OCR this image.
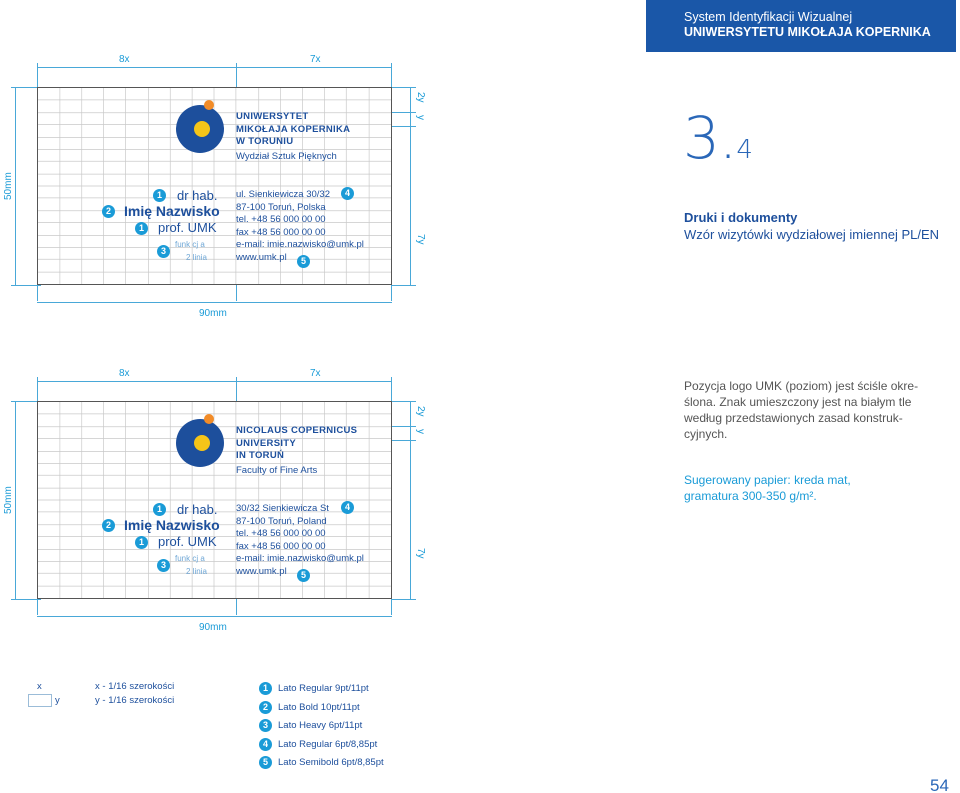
System Identyfikacji Wizualnej
UNIWERSYTETU MIKOŁAJA KOPERNIKA
3.4
Druki i dokumenty
Wzór wizytówki wydziałowej imiennej PL/EN
Pozycja logo UMK (poziom) jest ściśle okre-
ślona. Znak umieszczony jest na białym tle
według przedstawionych zasad konstruk-
cyjnych.
Sugerowany papier: kreda mat,
gramatura 300-350 g/m².
8x	7x
50mm
2y
y
7y
90mm
UNIWERSYTET
MIKOŁAJA KOPERNIKA
W TORUNIU
Wydział Sztuk Pięknych
dr hab.
Imię Nazwisko
prof. UMK
funk cj a
2 linia
ul. Sienkiewicza 30/32
87-100 Toruń, Polska
tel. +48 56 000 00 00
fax +48 56 000 00 00
e-mail: imie.nazwisko@umk.pl
www.umk.pl
1
2
1
3
4
5
8x	7x
50mm
2y
y
7y
90mm
NICOLAUS COPERNICUS
UNIVERSITY
IN TORUŃ
Faculty of Fine Arts
dr hab.
Imię Nazwisko
prof. UMK
funk cj a
2 linia
30/32 Sienkiewicza St
87-100 Toruń, Poland
tel. +48 56 000 00 00
fax +48 56 000 00 00
e-mail: imie.nazwisko@umk.pl
www.umk.pl
1
2
1
3
4
5
x
y
x - 1/16 szerokości
y - 1/16 szerokości
1	Lato Regular 9pt/11pt
2	Lato Bold 10pt/11pt
3	Lato Heavy 6pt/11pt
4	Lato Regular 6pt/8,85pt
5	Lato Semibold 6pt/8,85pt
54
